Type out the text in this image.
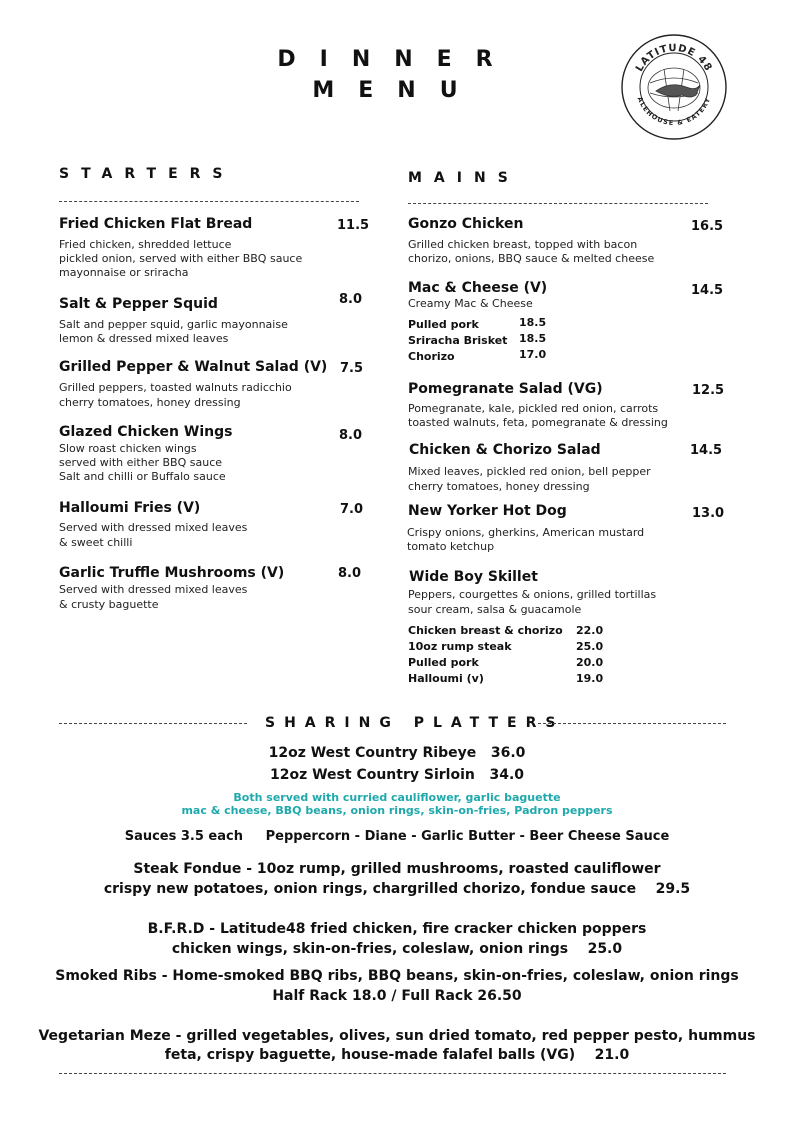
DINNER
MENU
LATITUDE 48
ALEHOUSE & EATERY
STARTERS
Fried Chicken Flat Bread	11.5
Fried chicken, shredded lettuce
pickled onion, served with either BBQ sauce
mayonnaise or sriracha
Salt & Pepper Squid	8.0
Salt and pepper squid, garlic mayonnaise
lemon & dressed mixed leaves
Grilled Pepper & Walnut Salad (V) 7.5
Grilled peppers, toasted walnuts radicchio
cherry tomatoes, honey dressing
Glazed Chicken Wings	8.0
Slow roast chicken wings
served with either BBQ sauce
Salt and chilli or Buffalo sauce
Halloumi Fries (V)	7.0
Served with dressed mixed leaves
& sweet chilli
Garlic Truffle Mushrooms (V)	8.0
Served with dressed mixed leaves
& crusty baguette
MAINS
Gonzo Chicken	16.5
Grilled chicken breast, topped with bacon
chorizo, onions, BBQ sauce & melted cheese
Mac & Cheese (V)	14.5
Creamy Mac & Cheese
Pulled pork	18.5
Sriracha Brisket 18.5
Chorizo	17.0
Pomegranate Salad (VG)	12.5
Pomegranate, kale, pickled red onion, carrots
toasted walnuts, feta, pomegranate & dressing
Chicken & Chorizo Salad	14.5
Mixed leaves, pickled red onion, bell pepper
cherry tomatoes, honey dressing
New Yorker Hot Dog	13.0
Crispy onions, gherkins, American mustard
tomato ketchup
Wide Boy Skillet
Peppers, courgettes & onions, grilled tortillas
sour cream, salsa & guacamole
Chicken breast & chorizo 22.0
10oz rump steak	25.0
Pulled pork	20.0
Halloumi (v)	19.0
SHARING PLATTERS
12oz West Country Ribeye 36.0
12oz West Country Sirloin 34.0
Both served with curried cauliflower, garlic baguette
mac & cheese, BBQ beans, onion rings, skin-on-fries, Padron peppers
Sauces 3.5 each Peppercorn - Diane - Garlic Butter - Beer Cheese Sauce
Steak Fondue - 10oz rump, grilled mushrooms, roasted cauliflower
crispy new potatoes, onion rings, chargrilled chorizo, fondue sauce 29.5
B.F.R.D - Latitude48 fried chicken, fire cracker chicken poppers
chicken wings, skin-on-fries, coleslaw, onion rings 25.0
Smoked Ribs - Home-smoked BBQ ribs, BBQ beans, skin-on-fries, coleslaw, onion rings
Half Rack 18.0 / Full Rack 26.50
Vegetarian Meze - grilled vegetables, olives, sun dried tomato, red pepper pesto, hummus
feta, crispy baguette, house-made falafel balls (VG) 21.0
